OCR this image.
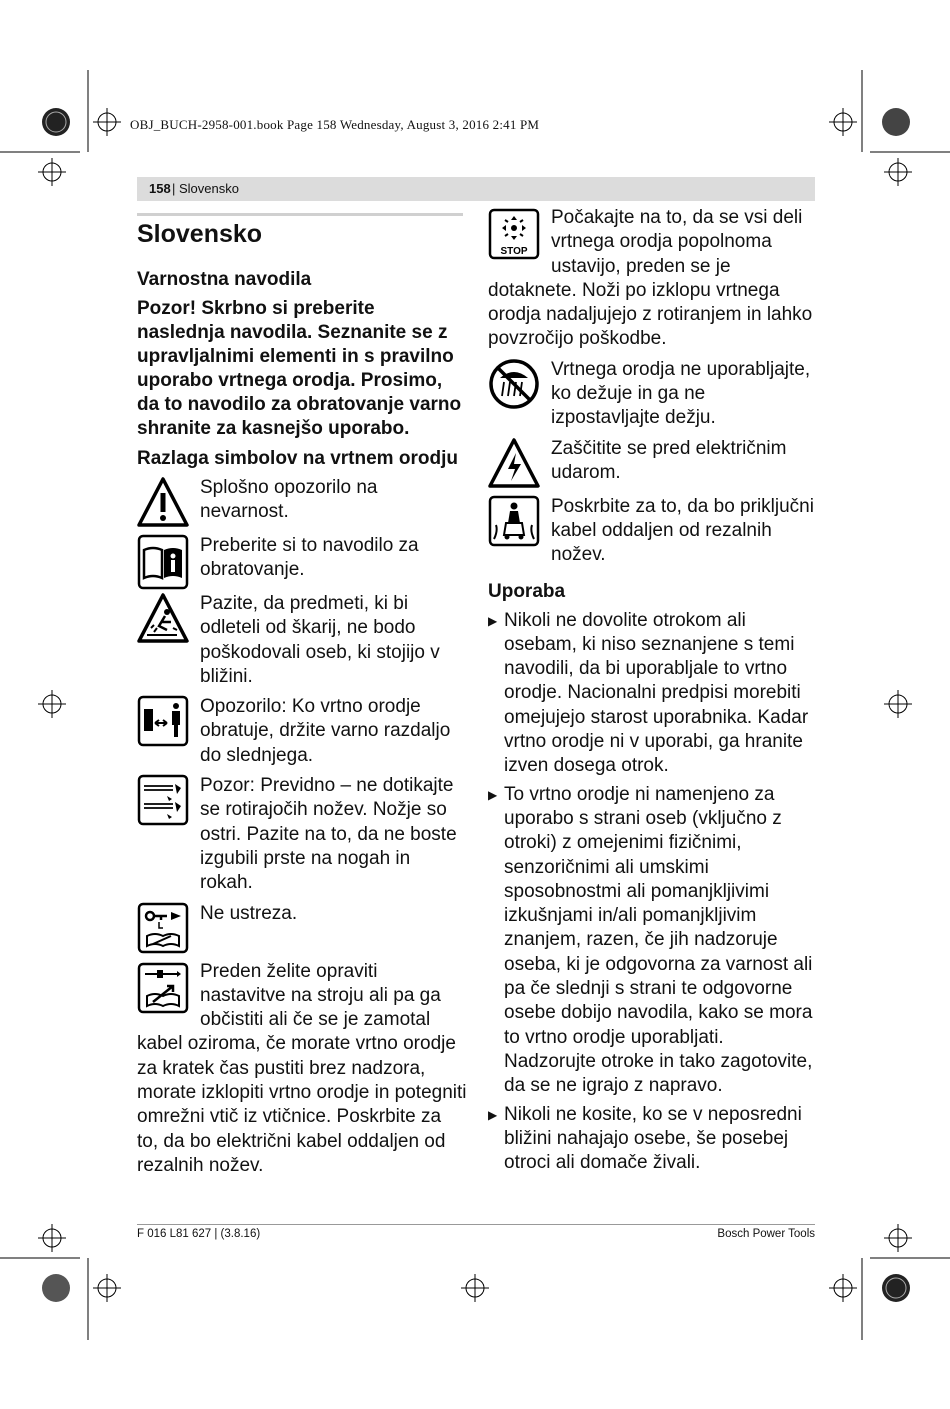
OBJ_BUCH-2958-001.book Page 158 Wednesday, August 3, 2016 2:41 PM
158 | Slovensko
Slovensko
Varnostna navodila
Pozor! Skrbno si preberite naslednja navodila. Seznanite se z upravljalnimi elementi in s pravilno uporabo vrtnega orodja. Prosimo, da to navodilo za obratovanje varno shranite za kasnejšo uporabo.
Razlaga simbolov na vrtnem orodju
Splošno opozorilo na nevarnost.
Preberite si to navodilo za obratovanje.
Pazite, da predmeti, ki bi odleteli od škarij, ne bodo poškodovali oseb, ki stojijo v bližini.
Opozorilo: Ko vrtno orodje obratuje, držite varno razdaljo do slednjega.
Pozor: Previdno – ne dotikajte se rotirajočih nožev. Nožje so ostri. Pazite na to, da ne boste izgubili prste na nogah in rokah.
Ne ustreza.
Preden želite opraviti nastavitve na stroju ali pa ga občistiti ali če se je zamotal kabel oziroma, če morate vrtno orodje za kratek čas pustiti brez nadzora, morate izklopiti vrtno orodje in potegniti omrežni vtič iz vtičnice. Poskrbite za to, da bo električni kabel oddaljen od rezalnih nožev.
STOP
Počakajte na to, da se vsi deli vrtnega orodja popolnoma ustavijo, preden se je dotaknete. Noži po izklopu vrtnega orodja nadaljujejo z rotiranjem in lahko povzročijo poškodbe.
Vrtnega orodja ne uporabljajte, ko dežuje in ga ne izpostavljajte dežju.
Zaščitite se pred električnim udarom.
Poskrbite za to, da bo priključni kabel oddaljen od rezalnih nožev.
Uporaba
▶ Nikoli ne dovolite otrokom ali osebam, ki niso seznanjene s temi navodili, da bi uporabljale to vrtno orodje. Nacionalni predpisi morebiti omejujejo starost uporabnika. Kadar vrtno orodje ni v uporabi, ga hranite izven dosega otrok.
▶ To vrtno orodje ni namenjeno za uporabo s strani oseb (vključno z otroki) z omejenimi fizičnimi, senzoričnimi ali umskimi sposobnostmi ali pomanjkljivimi izkušnjami in/ali pomanjkljivim znanjem, razen, če jih nadzoruje oseba, ki je odgovorna za varnost ali pa če slednji s strani te odgovorne osebe dobijo navodila, kako se mora to vrtno orodje uporabljati. Nadzorujte otroke in tako zagotovite, da se ne igrajo z napravo.
▶ Nikoli ne kosite, ko se v neposredni bližini nahajajo osebe, še posebej otroci ali domače živali.
F 016 L81 627 | (3.8.16)	Bosch Power Tools
